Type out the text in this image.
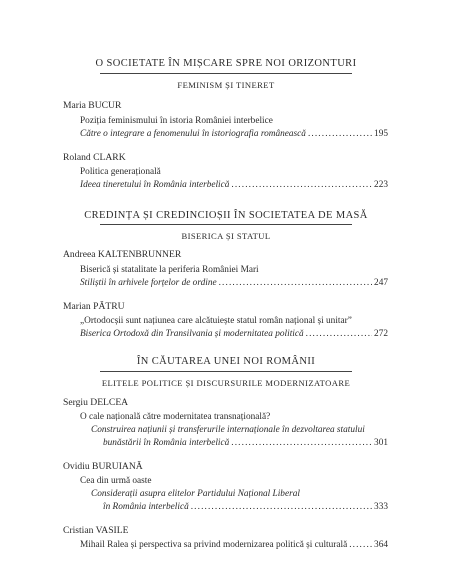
O SOCIETATE ÎN MIȘCARE SPRE NOI ORIZONTURI
FEMINISM ȘI TINERET
Maria BUCUR
Poziția feminismului în istoria României interbelice
Către o integrare a fenomenului în istoriografia românească . . .	195
Roland CLARK
Politica generațională
Ideea tineretului în România interbelică . . .	223
CREDINȚA ȘI CREDINCIOȘII ÎN SOCIETATEA DE MASĂ
BISERICA ȘI STATUL
Andreea KALTENBRUNNER
Biserică și statalitate la periferia României Mari
Stiliștii în arhivele forțelor de ordine . . .	247
Marian PĂTRU
„Ortodocșii sunt națiunea care alcătuiește statul român național și unitar”
Biserica Ortodoxă din Transilvania și modernitatea politică . . .	272
ÎN CĂUTAREA UNEI NOI ROMÂNII
ELITELE POLITICE ȘI DISCURSURILE MODERNIZATOARE
Sergiu DELCEA
O cale națională către modernitatea transnațională?
Construirea națiunii și transferurile internaționale în dezvoltarea statului
bunăstării în România interbelică . . .	301
Ovidiu BURUIANĂ
Cea din urmă oaste
Considerații asupra elitelor Partidului Național Liberal
în România interbelică . . .	333
Cristian VASILE
Mihail Ralea și perspectiva sa privind modernizarea politică și culturală . . .	364
